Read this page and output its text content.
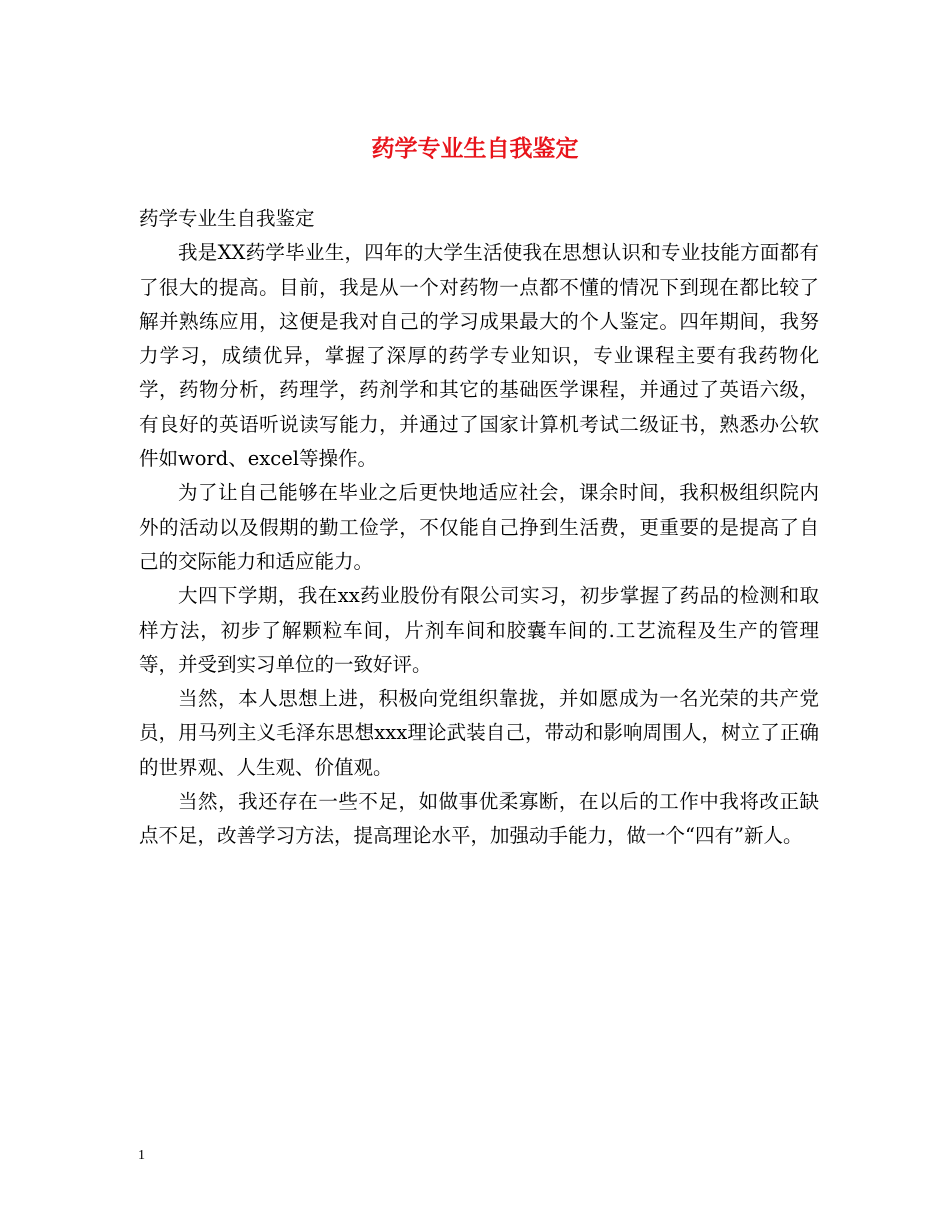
药学专业生自我鉴定

药学专业生自我鉴定

我是XX药学毕业生，四年的大学生活使我在思想认识和专业技能方面都有了很大的提高。目前，我是从一个对药物一点都不懂的情况下到现在都比较了解并熟练应用，这便是我对自己的学习成果最大的个人鉴定。四年期间，我努力学习，成绩优异，掌握了深厚的药学专业知识，专业课程主要有我药物化学，药物分析，药理学，药剂学和其它的基础医学课程，并通过了英语六级，有良好的英语听说读写能力，并通过了国家计算机考试二级证书，熟悉办公软件如word、excel等操作。

为了让自己能够在毕业之后更快地适应社会，课余时间，我积极组织院内外的活动以及假期的勤工俭学，不仅能自己挣到生活费，更重要的是提高了自己的交际能力和适应能力。

大四下学期，我在xx药业股份有限公司实习，初步掌握了药品的检测和取样方法，初步了解颗粒车间，片剂车间和胶囊车间的.工艺流程及生产的管理等，并受到实习单位的一致好评。

当然，本人思想上进，积极向党组织靠拢，并如愿成为一名光荣的共产党员，用马列主义毛泽东思想xxx理论武装自己，带动和影响周围人，树立了正确的世界观、人生观、价值观。

当然，我还存在一些不足，如做事优柔寡断，在以后的工作中我将改正缺点不足，改善学习方法，提高理论水平，加强动手能力，做一个“四有”新人。

1
